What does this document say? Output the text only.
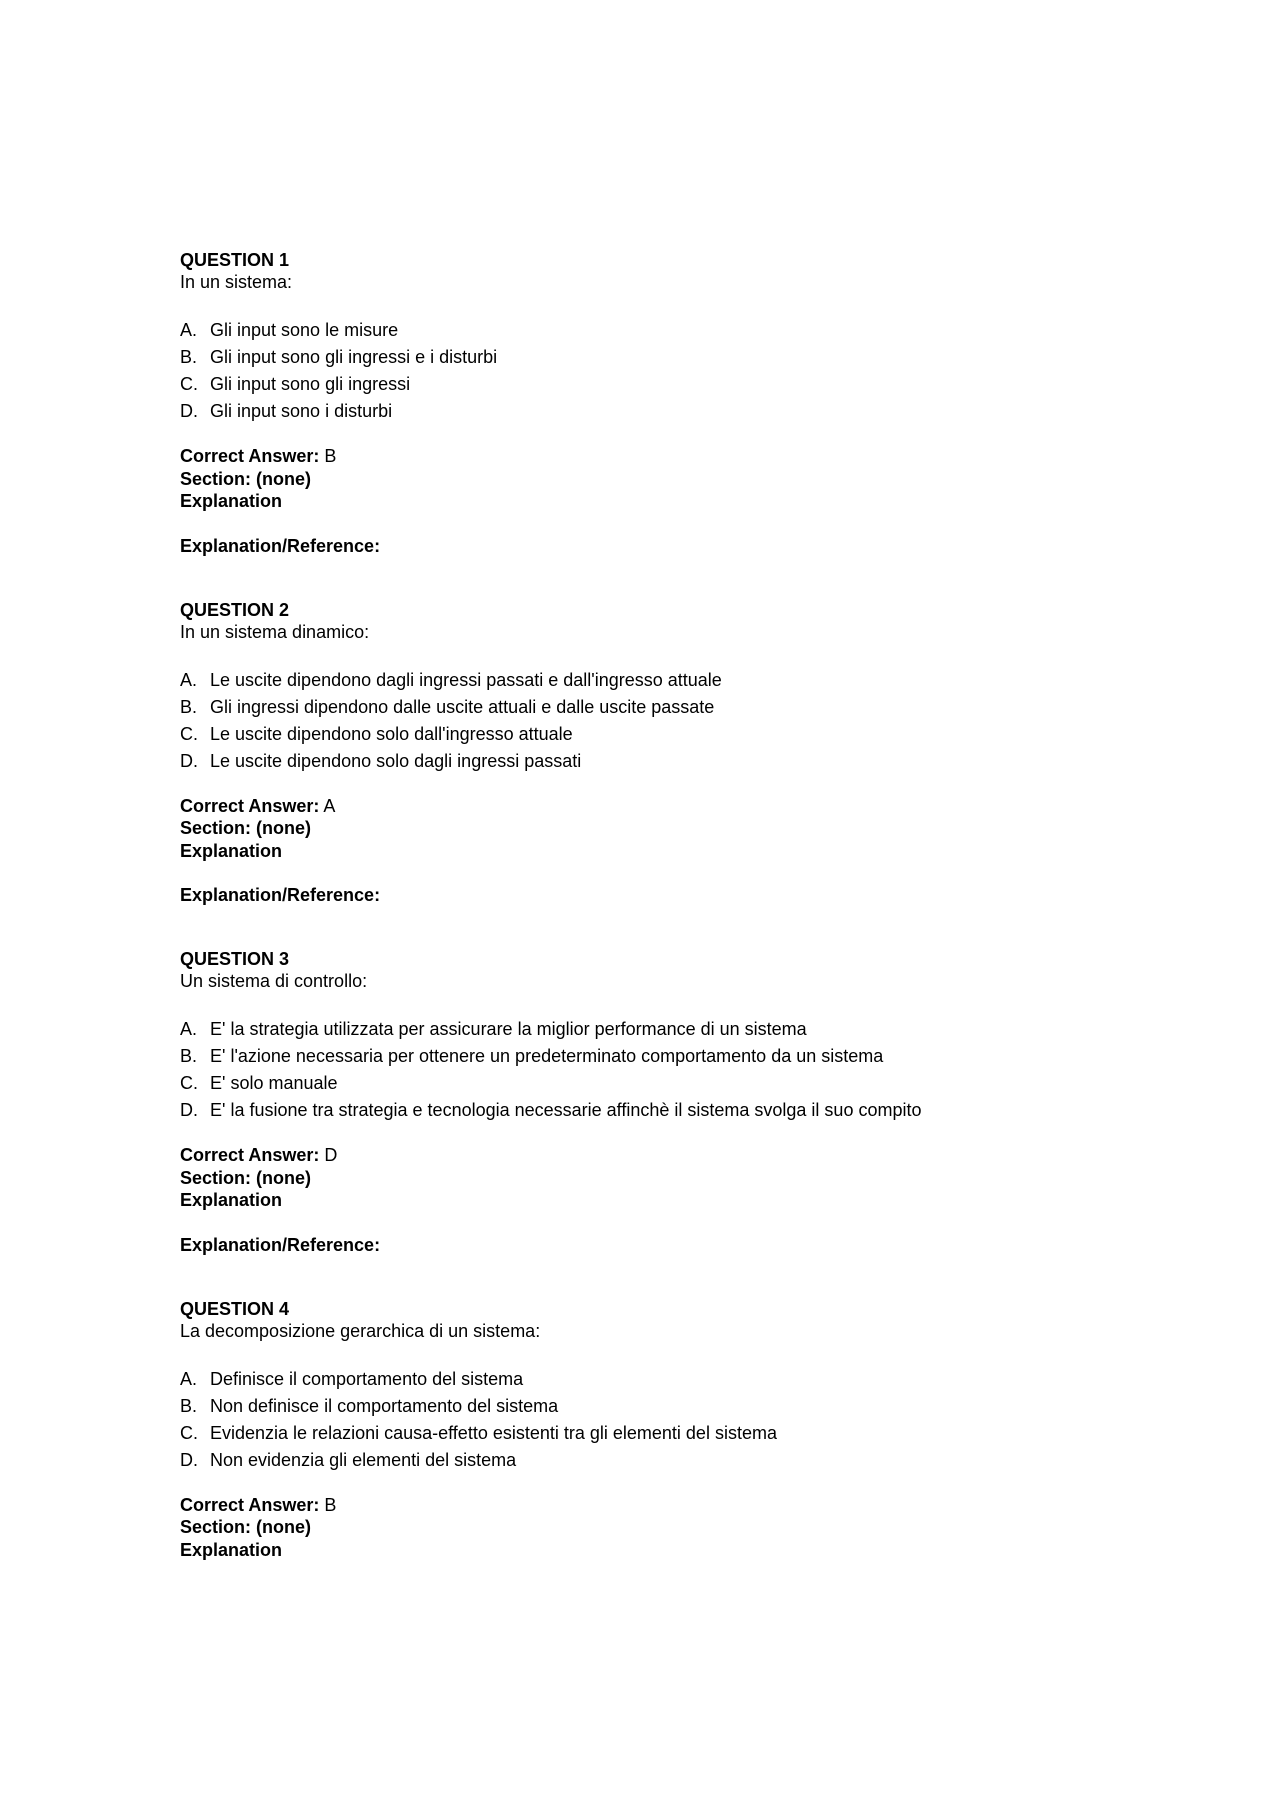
QUESTION 1
In un sistema:
A. Gli input sono le misure
B. Gli input sono gli ingressi e i disturbi
C. Gli input sono gli ingressi
D. Gli input sono i disturbi
Correct Answer: B
Section: (none)
Explanation
Explanation/Reference:
QUESTION 2
In un sistema dinamico:
A. Le uscite dipendono dagli ingressi passati e dall'ingresso attuale
B. Gli ingressi dipendono dalle uscite attuali e dalle uscite passate
C. Le uscite dipendono solo dall'ingresso attuale
D. Le uscite dipendono solo dagli ingressi passati
Correct Answer: A
Section: (none)
Explanation
Explanation/Reference:
QUESTION 3
Un sistema di controllo:
A. E' la strategia utilizzata per assicurare la miglior performance di un sistema
B. E' l'azione necessaria per ottenere un predeterminato comportamento da un sistema
C. E' solo manuale
D. E' la fusione tra strategia e tecnologia necessarie affinchè il sistema svolga il suo compito
Correct Answer: D
Section: (none)
Explanation
Explanation/Reference:
QUESTION 4
La decomposizione gerarchica di un sistema:
A. Definisce il comportamento del sistema
B. Non definisce il comportamento del sistema
C. Evidenzia le relazioni causa-effetto esistenti tra gli elementi del sistema
D. Non evidenzia gli elementi del sistema
Correct Answer: B
Section: (none)
Explanation
